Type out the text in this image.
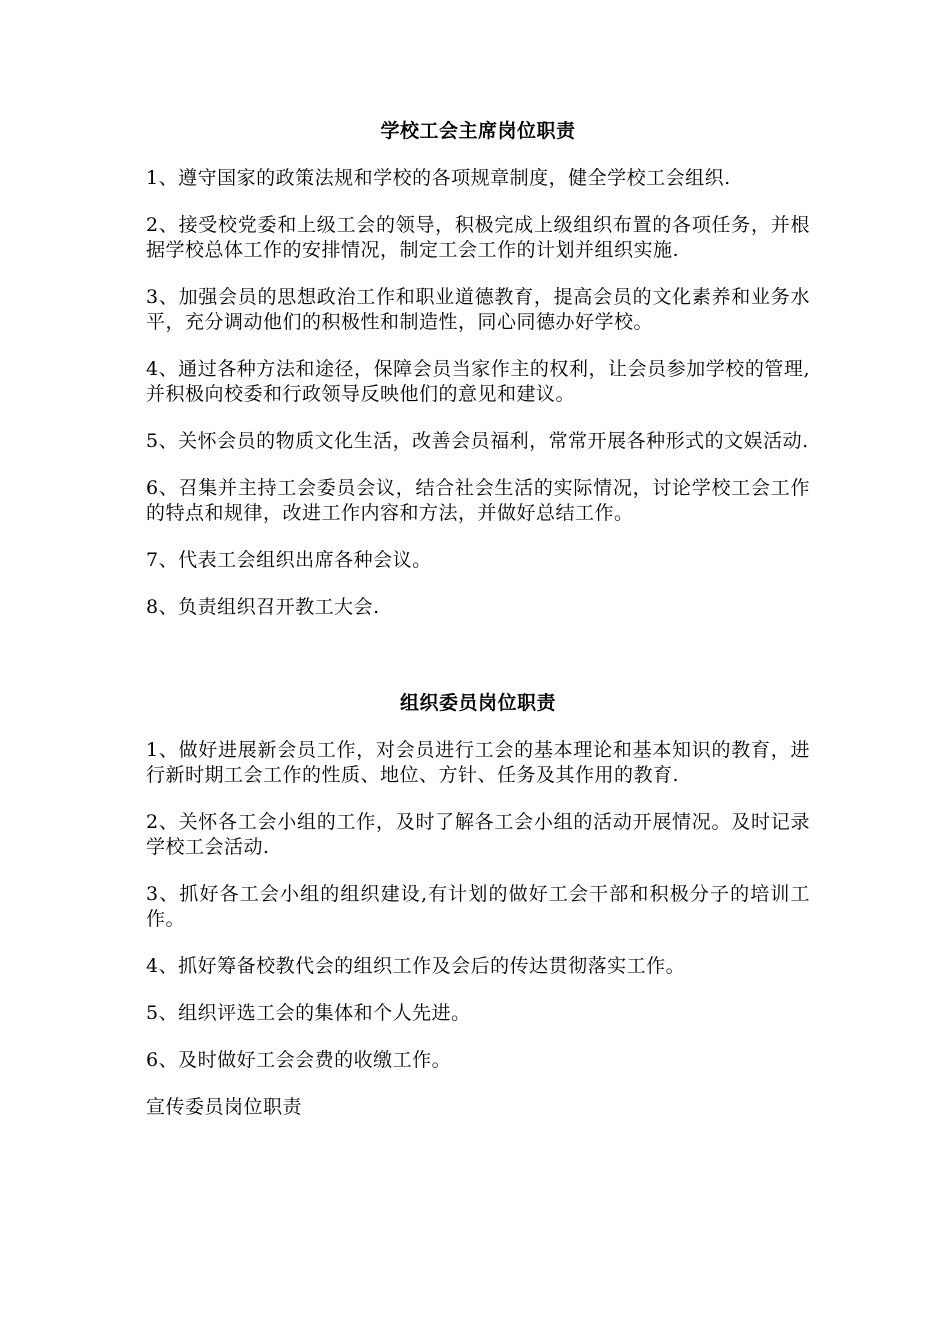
学校工会主席岗位职责

1、遵守国家的政策法规和学校的各项规章制度，健全学校工会组织.

2、接受校党委和上级工会的领导，积极完成上级组织布置的各项任务，并根据学校总体工作的安排情况，制定工会工作的计划并组织实施.

3、加强会员的思想政治工作和职业道德教育，提高会员的文化素养和业务水平，充分调动他们的积极性和制造性，同心同德办好学校。

4、通过各种方法和途径，保障会员当家作主的权利，让会员参加学校的管理,并积极向校委和行政领导反映他们的意见和建议。

5、关怀会员的物质文化生活，改善会员福利，常常开展各种形式的文娱活动.

6、召集并主持工会委员会议，结合社会生活的实际情况，讨论学校工会工作的特点和规律，改进工作内容和方法，并做好总结工作。

7、代表工会组织出席各种会议。

8、负责组织召开教工大会.

组织委员岗位职责

1、做好进展新会员工作，对会员进行工会的基本理论和基本知识的教育，进行新时期工会工作的性质、地位、方针、任务及其作用的教育.

2、关怀各工会小组的工作，及时了解各工会小组的活动开展情况。及时记录学校工会活动.

3、抓好各工会小组的组织建设,有计划的做好工会干部和积极分子的培训工作。

4、抓好筹备校教代会的组织工作及会后的传达贯彻落实工作。

5、组织评选工会的集体和个人先进。

6、及时做好工会会费的收缴工作。

宣传委员岗位职责
